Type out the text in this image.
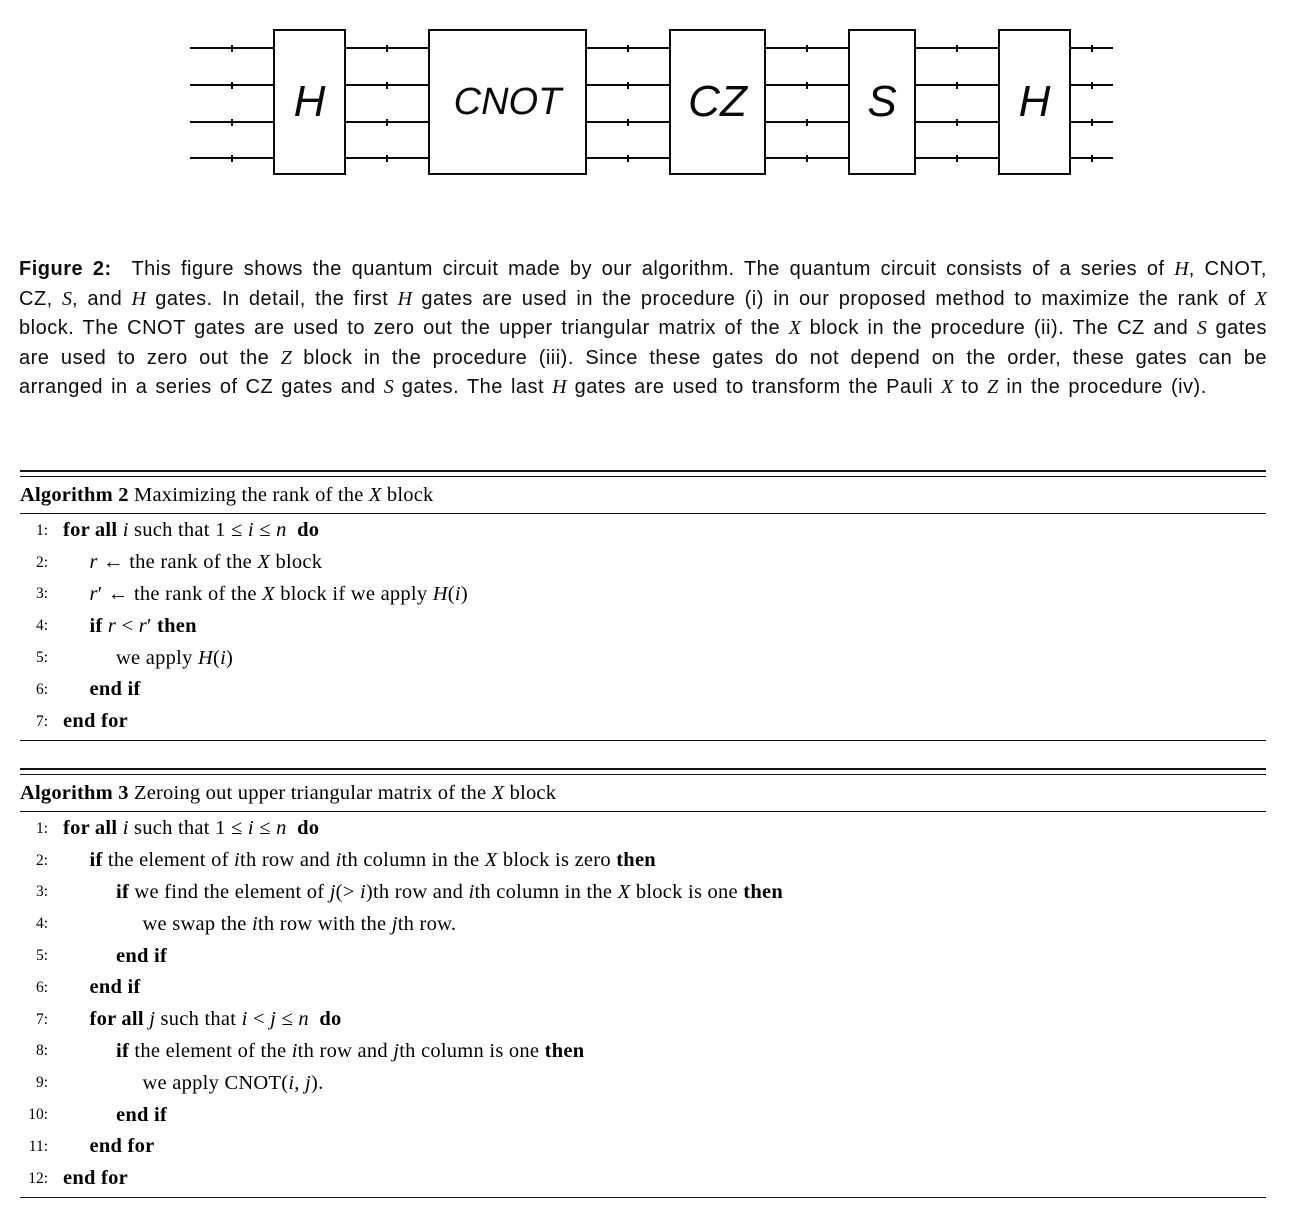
H	CNOT	CZ	S	H

Figure 2:  This figure shows the quantum circuit made by our algorithm. The quantum circuit consists of a series of H, CNOT, CZ, S, and H gates. In detail, the first H gates are used in the procedure (i) in our proposed method to maximize the rank of X block. The CNOT gates are used to zero out the upper triangular matrix of the X block in the procedure (ii). The CZ and S gates are used to zero out the Z block in the procedure (iii). Since these gates do not depend on the order, these gates can be arranged in a series of CZ gates and S gates. The last H gates are used to transform the Pauli X to Z in the procedure (iv).

Algorithm 2 Maximizing the rank of the X block
1: for all i such that 1 ≤ i ≤ n  do
2: r ← the rank of the X block
3: r′ ← the rank of the X block if we apply H(i)
4: if r < r′ then
5:	we apply H(i)
6: end if
7: end for
Algorithm 3 Zeroing out upper triangular matrix of the X block
1: for all i such that 1 ≤ i ≤ n  do
2: if the element of ith row and ith column in the X block is zero then
3:	if we find the element of j(> i)th row and ith column in the X block is one then
4:	we swap the ith row with the jth row.
5:	end if
6: end if
7: for all j such that i < j ≤ n  do
8:	if the element of the ith row and jth column is one then
9:	we apply CNOT(i, j).
10:	end if
11: end for
12: end for
